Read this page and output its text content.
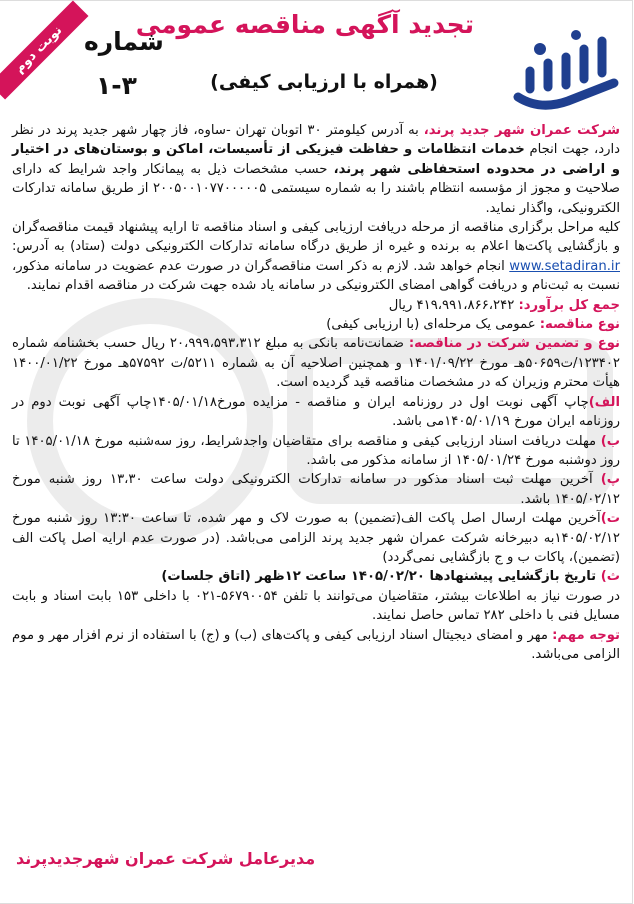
تجدید آگهی مناقصه عمومی
(همراه با ارزیابی کیفی)
شماره
۱-۳
نوبت دوم

شرکت عمران شهر جدید پرند، به آدرس کیلومتر ۳۰ اتوبان تهران -ساوه، فاز چهار شهر جدید پرند در نظر دارد، جهت انجام خدمات انتظامات و حفاظت فیزیکی از تأسیسات، اماکن و بوستان‌های در اختیار و اراضی در محدوده استحفاظی شهر پرند، حسب مشخصات ذیل به پیمانکار واجد شرایط که دارای صلاحیت و مجوز از مؤسسه انتظام باشند را به شماره سیستمی ۲۰۰۵۰۰۱۰۷۷۰۰۰۰۰۵ از طریق سامانه تدارکات الکترونیکی، واگذار نماید.

کلیه مراحل برگزاری مناقصه از مرحله دریافت ارزیابی کیفی و اسناد مناقصه تا ارایه پیشنهاد قیمت مناقصه‌گران و بازگشایی پاکت‌ها اعلام به برنده و غیره از طریق درگاه سامانه تدارکات الکترونیکی دولت (ستاد) به آدرس: www.setadiran.ir انجام خواهد شد. لازم به ذکر است مناقصه‌گران در صورت عدم عضویت در سامانه مذکور، نسبت به ثبت‌نام و دریافت گواهی امضای الکترونیکی در سامانه یاد شده جهت شرکت در مناقصه اقدام نمایند.

جمع کل برآورد: ۴۱۹،۹۹۱،۸۶۶،۲۴۲ ریال

نوع مناقصه: عمومی یک مرحله‌ای (با ارزیابی کیفی)

نوع و تضمین شرکت در مناقصه: ضمانت‌نامه بانکی به مبلغ ۲۰،۹۹۹،۵۹۳،۳۱۲ ریال حسب بخشنامه شماره ۱۲۳۴۰۲/ت۵۰۶۵۹هـ مورخ ۱۴۰۱/۰۹/۲۲ و همچنین اصلاحیه آن به شماره ۵۲۱۱/ت ۵۷۵۹۲هـ مورخ ۱۴۰۰/۰۱/۲۲ هیأت محترم وزیران که در مشخصات مناقصه قید گردیده است.

الف)چاپ آگهی نوبت اول در روزنامه ایران و مناقصه - مزایده مورخ۱۴۰۵/۰۱/۱۸چاپ آگهی نوبت دوم در روزنامه ایران مورخ ۱۴۰۵/۰۱/۱۹می باشد.

ب) مهلت دریافت اسناد ارزیابی کیفی و مناقصه برای متقاضیان واجدشرایط، روز سه‌شنبه مورخ ۱۴۰۵/۰۱/۱۸ تا روز دوشنبه مورخ ۱۴۰۵/۰۱/۲۴ از سامانه مذکور می باشد.

پ) آخرین مهلت ثبت اسناد مذکور در سامانه تدارکات الکترونیکی دولت ساعت ۱۳،۳۰ روز شنبه مورخ ۱۴۰۵/۰۲/۱۲ باشد.

ت)آخرین مهلت ارسال اصل پاکت الف(تضمین) به صورت لاک و مهر شده، تا ساعت ۱۳:۳۰ روز شنبه مورخ ۱۴۰۵/۰۲/۱۲به دبیرخانه شرکت عمران شهر جدید پرند الزامی می‌باشد. (در صورت عدم ارایه اصل پاکت الف (تضمین)، پاکات ب و ج بازگشایی نمی‌گردد)

ث) تاریخ بازگشایی پیشنهادها ۱۴۰۵/۰۲/۲۰ ساعت ۱۲ظهر (اتاق جلسات)

در صورت نیاز به اطلاعات بیشتر، متقاضیان می‌توانند با تلفن ۵۶۷۹۰۰۵۴-۰۲۱ با داخلی ۱۵۳ بابت اسناد و بابت مسایل فنی با داخلی ۲۸۲ تماس حاصل نمایند.

توجه مهم: مهر و امضای دیجیتال اسناد ارزیابی کیفی و پاکت‌های (ب) و (ج) با استفاده از نرم افزار مهر و موم الزامی می‌باشد.

مدیرعامل شرکت عمران شهرجدیدپرند
